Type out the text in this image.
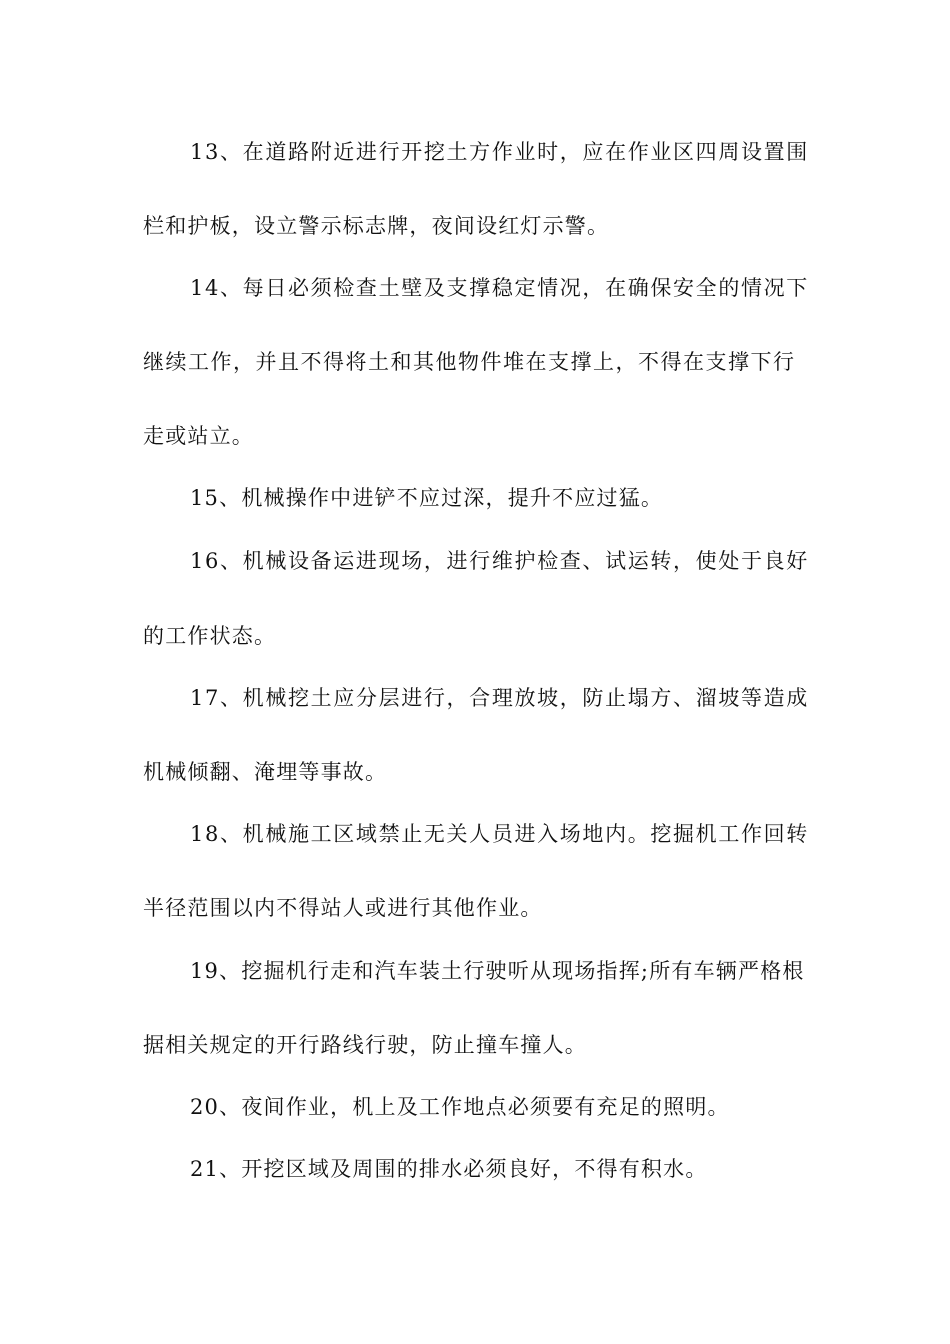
13、在道路附近进行开挖土方作业时，应在作业区四周设置围
栏和护板，设立警示标志牌，夜间设红灯示警。
14、每日必须检查土壁及支撑稳定情况，在确保安全的情况下
继续工作，并且不得将土和其他物件堆在支撑上，不得在支撑下行
走或站立。
15、机械操作中进铲不应过深，提升不应过猛。
16、机械设备运进现场，进行维护检查、试运转，使处于良好
的工作状态。
17、机械挖土应分层进行，合理放坡，防止塌方、溜坡等造成
机械倾翻、淹埋等事故。
18、机械施工区域禁止无关人员进入场地内。挖掘机工作回转
半径范围以内不得站人或进行其他作业。
19、挖掘机行走和汽车装土行驶听从现场指挥;所有车辆严格根
据相关规定的开行路线行驶，防止撞车撞人。
20、夜间作业，机上及工作地点必须要有充足的照明。
21、开挖区域及周围的排水必须良好，不得有积水。
